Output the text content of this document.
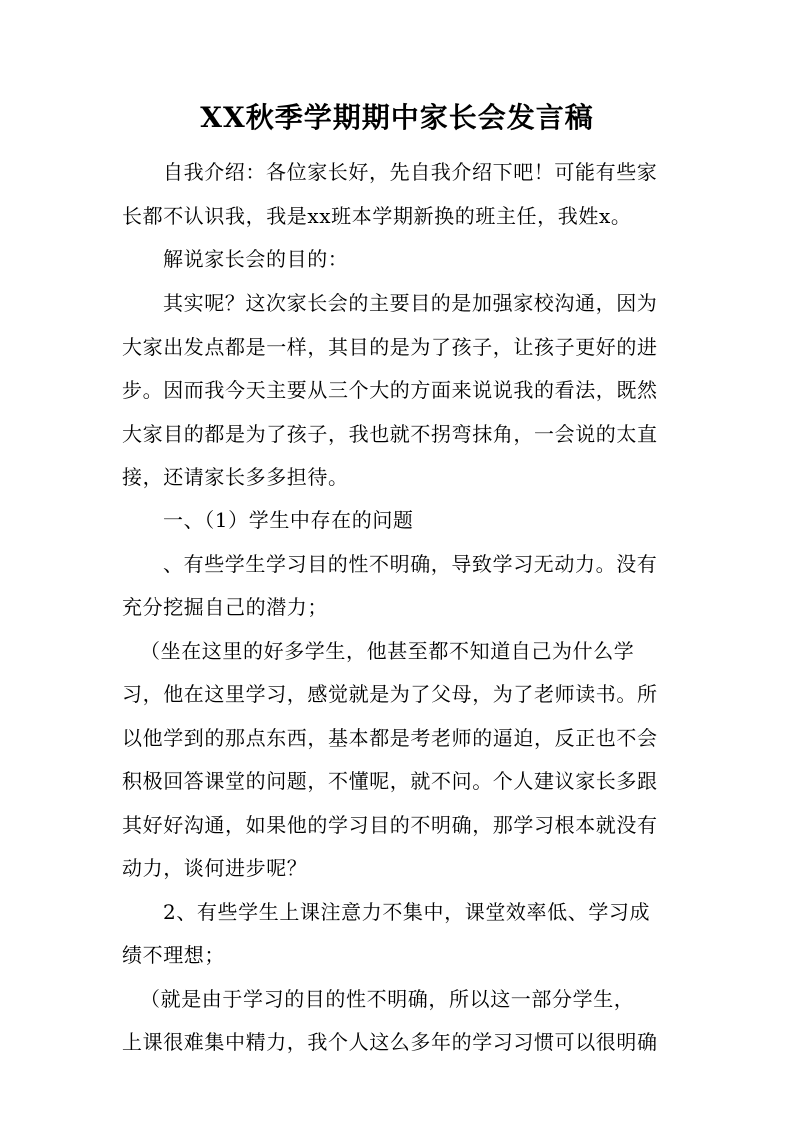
XX秋季学期期中家长会发言稿
自我介绍：各位家长好，先自我介绍下吧！可能有些家
长都不认识我，我是xx班本学期新换的班主任，我姓x。
解说家长会的目的：
其实呢？这次家长会的主要目的是加强家校沟通，因为
大家出发点都是一样，其目的是为了孩子，让孩子更好的进
步。因而我今天主要从三个大的方面来说说我的看法，既然
大家目的都是为了孩子，我也就不拐弯抹角，一会说的太直
接，还请家长多多担待。
一、（1）学生中存在的问题
、有些学生学习目的性不明确，导致学习无动力。没有
充分挖掘自己的潜力；
（坐在这里的好多学生，他甚至都不知道自己为什么学
习，他在这里学习，感觉就是为了父母，为了老师读书。所
以他学到的那点东西，基本都是考老师的逼迫，反正也不会
积极回答课堂的问题，不懂呢，就不问。个人建议家长多跟
其好好沟通，如果他的学习目的不明确，那学习根本就没有
动力，谈何进步呢？
2、有些学生上课注意力不集中，课堂效率低、学习成
绩不理想；
（就是由于学习的目的性不明确，所以这一部分学生，
上课很难集中精力，我个人这么多年的学习习惯可以很明确
